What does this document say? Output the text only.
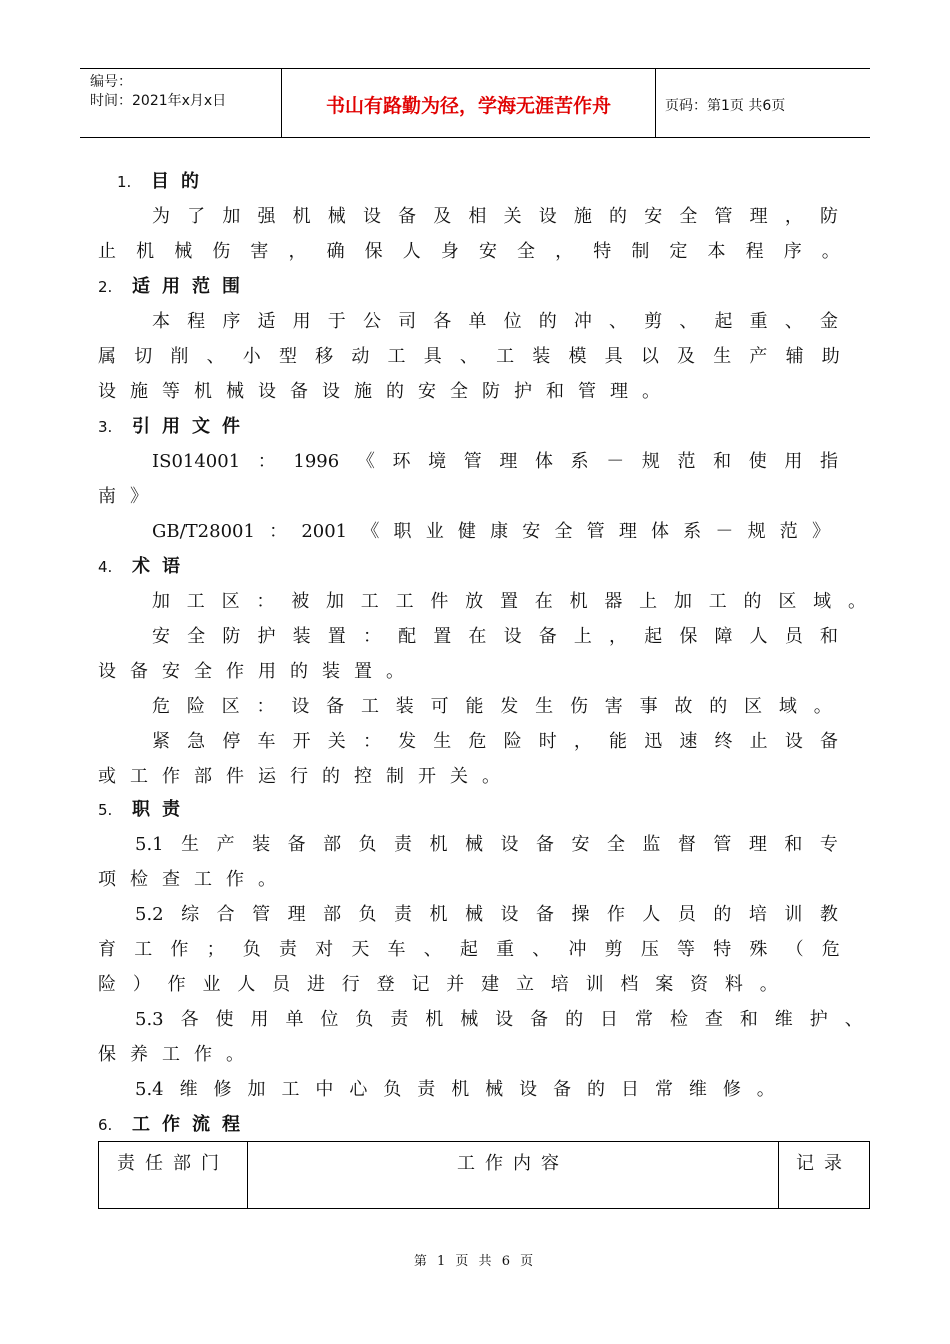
编号：
时间：2021年x月x日	书山有路勤为径，学海无涯苦作舟	页码：第1页 共6页
1. 目的
为 了 加 强 机 械 设 备 及 相 关 设 施 的 安 全 管 理 ， 防
止 机 械 伤 害 ， 确 保 人 身 安 全 ， 特 制 定 本 程 序 。
2. 适用范围
本 程 序 适 用 于 公 司 各 单 位 的 冲 、 剪 、 起 重 、 金
属 切 削 、 小 型 移 动 工 具 、 工 装 模 具 以 及 生 产 辅 助
设施等机械设备设施的安全防护和管理。
3. 引用文件
IS014001 ： 1996 《 环 境 管 理 体 系 － 规 范 和 使 用 指
南》
GB/T28001 ： 2001 《 职 业 健 康 安 全 管 理 体 系 － 规 范 》
4. 术语
加 工 区 ： 被 加 工 工 件 放 置 在 机 器 上 加 工 的 区 域 。
安 全 防 护 装 置 ： 配 置 在 设 备 上 ， 起 保 障 人 员 和
设备安全作用的装置。
危 险 区 ： 设 备 工 装 可 能 发 生 伤 害 事 故 的 区 域 。
紧 急 停 车 开 关 ： 发 生 危 险 时 ， 能 迅 速 终 止 设 备
或工作部件运行的控制开关。
5. 职责
5.1 生 产 装 备 部 负 责 机 械 设 备 安 全 监 督 管 理 和 专
项检查工作。
5.2 综 合 管 理 部 负 责 机 械 设 备 操 作 人 员 的 培 训 教
育 工 作 ； 负 责 对 天 车 、 起 重 、 冲 剪 压 等 特 殊 （ 危
险 ） 作 业 人 员 进 行 登 记 并 建 立 培 训 档 案 资 料 。
5.3 各 使 用 单 位 负 责 机 械 设 备 的 日 常 检 查 和 维 护 、
保养工作。
5.4 维 修 加 工 中 心 负 责 机 械 设 备 的 日 常 维 修 。
6. 工作流程
责任部门	工作内容	记录
第 1 页 共 6 页
